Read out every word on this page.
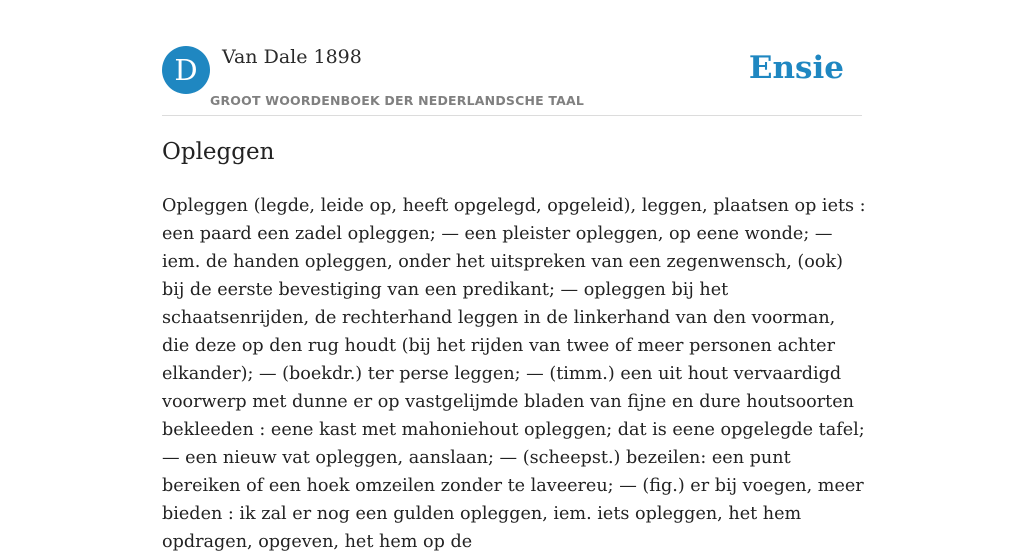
D	Van Dale 1898
GROOT WOORDENBOEK DER NEDERLANDSCHE TAAL
Ensie
Opleggen

Opleggen (legde, leide op, heeft opgelegd, opgeleid), leggen, plaatsen op iets : een paard een zadel opleggen; — een pleister opleggen, op eene wonde; — iem. de handen opleggen, onder het uitspreken van een zegenwensch, (ook) bij de eerste bevestiging van een predikant; — opleggen bij het schaatsenrijden, de rechterhand leggen in de linkerhand van den voorman, die deze op den rug houdt (bij het rijden van twee of meer personen achter elkander); — (boekdr.) ter perse leggen; — (timm.) een uit hout vervaardigd voorwerp met dunne er op vastgelijmde bladen van fijne en dure houtsoorten bekleeden : eene kast met mahoniehout opleggen; dat is eene opgelegde tafel; — een nieuw vat opleggen, aanslaan; — (scheepst.) bezeilen: een punt bereiken of een hoek omzeilen zonder te laveereu; — (fig.) er bij voegen, meer bieden : ik zal er nog een gulden opleggen, iem. iets opleggen, het hem opdragen, opgeven, het hem op de
